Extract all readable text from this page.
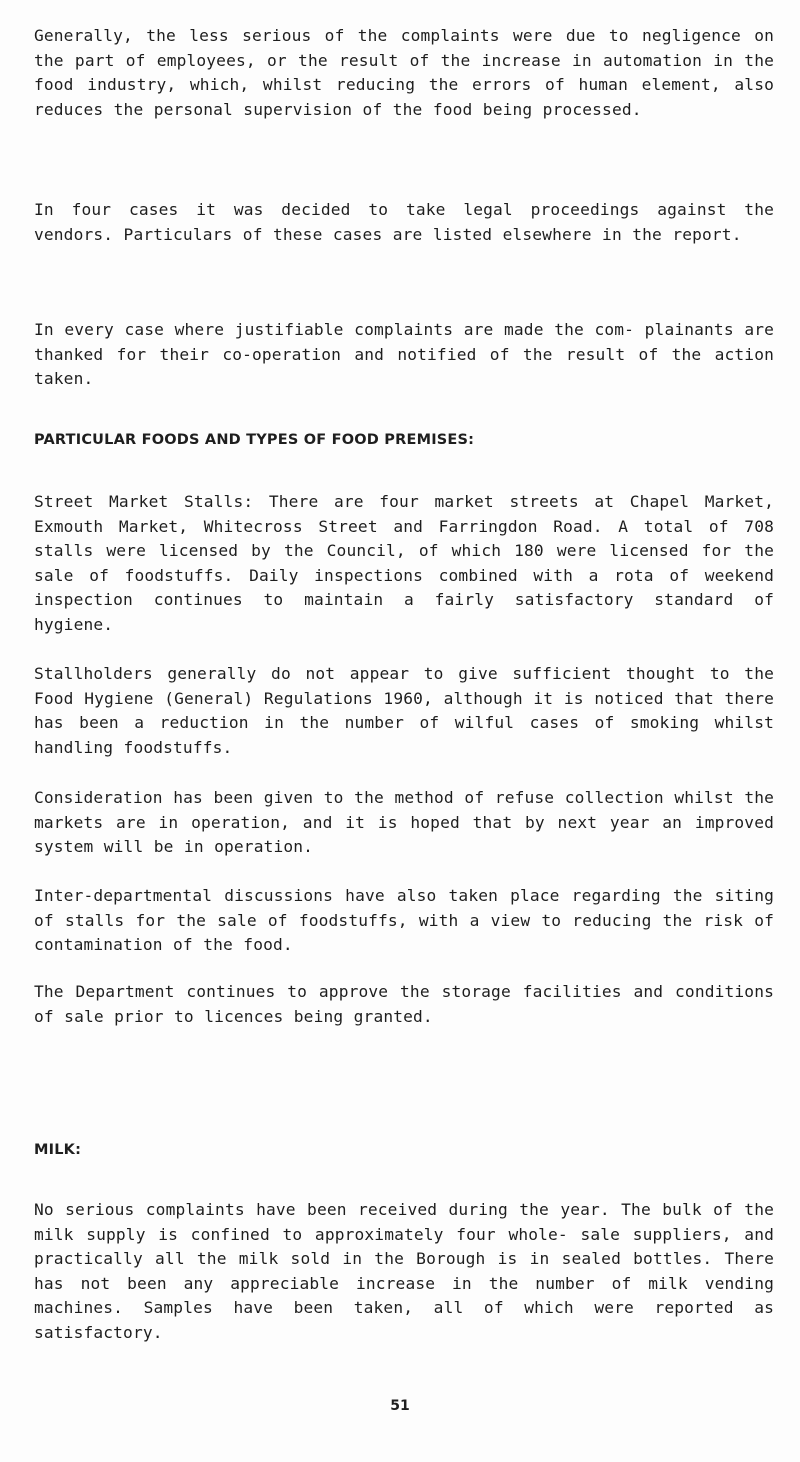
Generally, the less serious of the complaints were due to negligence on the part of employees, or the result of the increase in automation in the food industry, which, whilst reducing the errors of human element, also reduces the personal supervision of the food being processed.

In four cases it was decided to take legal proceedings against the vendors. Particulars of these cases are listed elsewhere in the report.

In every case where justifiable complaints are made the com- plainants are thanked for their co-operation and notified of the result of the action taken.

PARTICULAR FOODS AND TYPES OF FOOD PREMISES:

Street Market Stalls: There are four market streets at Chapel Market, Exmouth Market, Whitecross Street and Farringdon Road. A total of 708 stalls were licensed by the Council, of which 180 were licensed for the sale of foodstuffs. Daily inspections combined with a rota of weekend inspection continues to maintain a fairly satisfactory standard of hygiene.

Stallholders generally do not appear to give sufficient thought to the Food Hygiene (General) Regulations 1960, although it is noticed that there has been a reduction in the number of wilful cases of smoking whilst handling foodstuffs.

Consideration has been given to the method of refuse collection whilst the markets are in operation, and it is hoped that by next year an improved system will be in operation.

Inter-departmental discussions have also taken place regarding the siting of stalls for the sale of foodstuffs, with a view to reducing the risk of contamination of the food.

The Department continues to approve the storage facilities and conditions of sale prior to licences being granted.

MILK:

No serious complaints have been received during the year. The bulk of the milk supply is confined to approximately four whole- sale suppliers, and practically all the milk sold in the Borough is in sealed bottles. There has not been any appreciable increase in the number of milk vending machines. Samples have been taken, all of which were reported as satisfactory.

51
